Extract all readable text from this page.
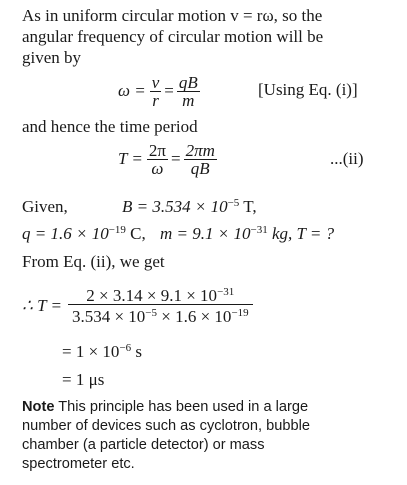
As in uniform circular motion v = rω, so the
angular frequency of circular motion will be
given by
$\omega = \frac{v}{r} = \frac{qB}{m}$	[Using Eq. (i)]
and hence the time period
$T = \frac{2\pi}{\omega} = \frac{2\pi m}{qB}$	...(ii)
Given,	$B = 3.534 \times 10^{-5}$ T,
$q = 1.6 \times 10^{-19}$ C, $m = 9.1 \times 10^{-31}$ kg, T = ?
From Eq. (ii), we get
∴ $T = \frac{2 \times 3.14 \times 9.1 \times 10^{-31}}{3.534 \times 10^{-5} \times 1.6 \times 10^{-19}}$
= $1 \times 10^{-6}$ s
= 1 μs
Note This principle has been used in a large
number of devices such as cyclotron, bubble
chamber (a particle detector) or mass
spectrometer etc.
